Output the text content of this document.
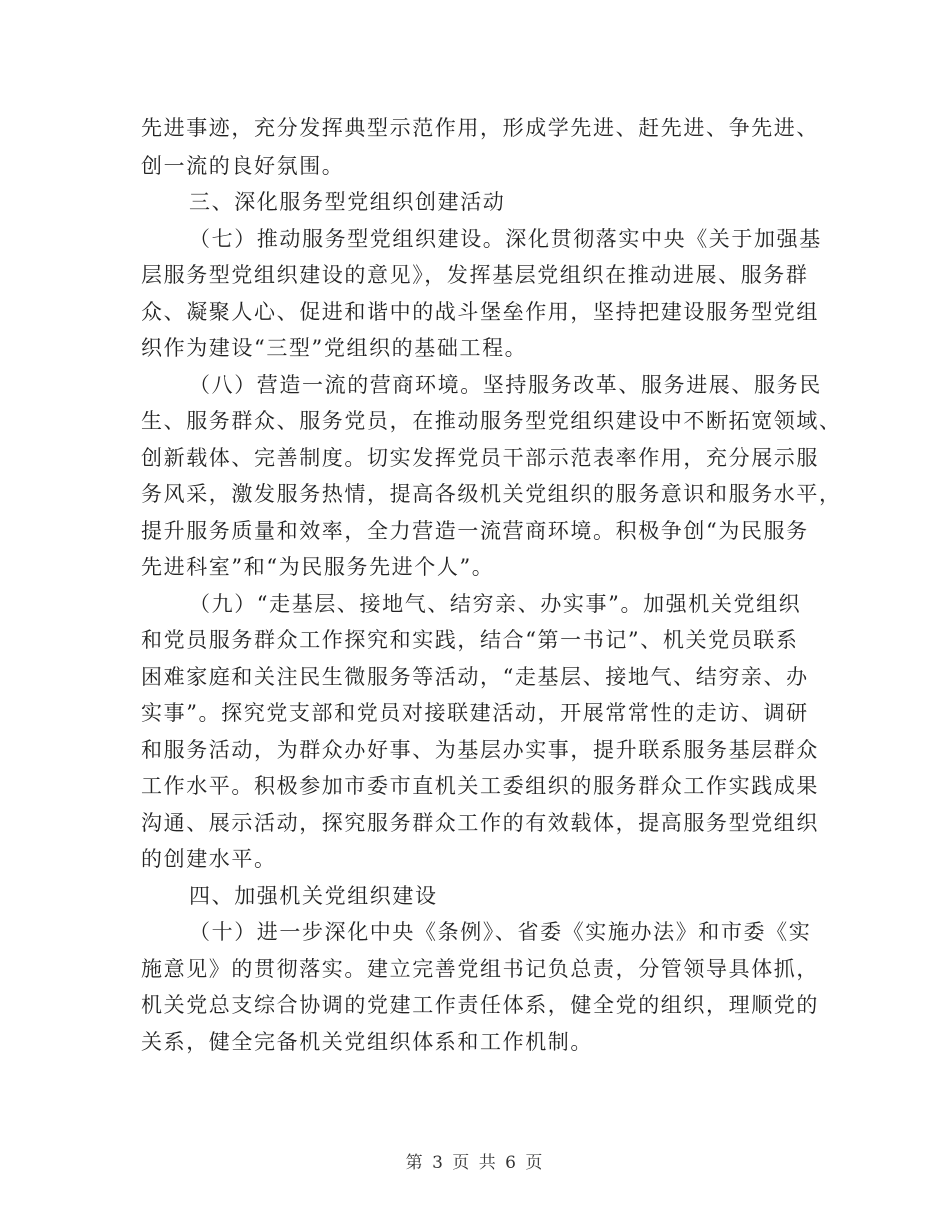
先进事迹，充分发挥典型示范作用，形成学先进、赶先进、争先进、
创一流的良好氛围。
三、深化服务型党组织创建活动
（七）推动服务型党组织建设。深化贯彻落实中央《关于加强基
层服务型党组织建设的意见》，发挥基层党组织在推动进展、服务群
众、凝聚人心、促进和谐中的战斗堡垒作用，坚持把建设服务型党组
织作为建设“三型”党组织的基础工程。
（八）营造一流的营商环境。坚持服务改革、服务进展、服务民
生、服务群众、服务党员，在推动服务型党组织建设中不断拓宽领域、
创新载体、完善制度。切实发挥党员干部示范表率作用，充分展示服
务风采，激发服务热情，提高各级机关党组织的服务意识和服务水平，
提升服务质量和效率，全力营造一流营商环境。积极争创“为民服务
先进科室”和“为民服务先进个人”。
（九）“走基层、接地气、结穷亲、办实事”。加强机关党组织
和党员服务群众工作探究和实践，结合“第一书记”、机关党员联系
困难家庭和关注民生微服务等活动，“走基层、接地气、结穷亲、办
实事”。探究党支部和党员对接联建活动，开展常常性的走访、调研
和服务活动，为群众办好事、为基层办实事，提升联系服务基层群众
工作水平。积极参加市委市直机关工委组织的服务群众工作实践成果
沟通、展示活动，探究服务群众工作的有效载体，提高服务型党组织
的创建水平。
四、加强机关党组织建设
（十）进一步深化中央《条例》、省委《实施办法》和市委《实
施意见》的贯彻落实。建立完善党组书记负总责，分管领导具体抓，
机关党总支综合协调的党建工作责任体系，健全党的组织，理顺党的
关系，健全完备机关党组织体系和工作机制。
第 3 页 共 6 页
